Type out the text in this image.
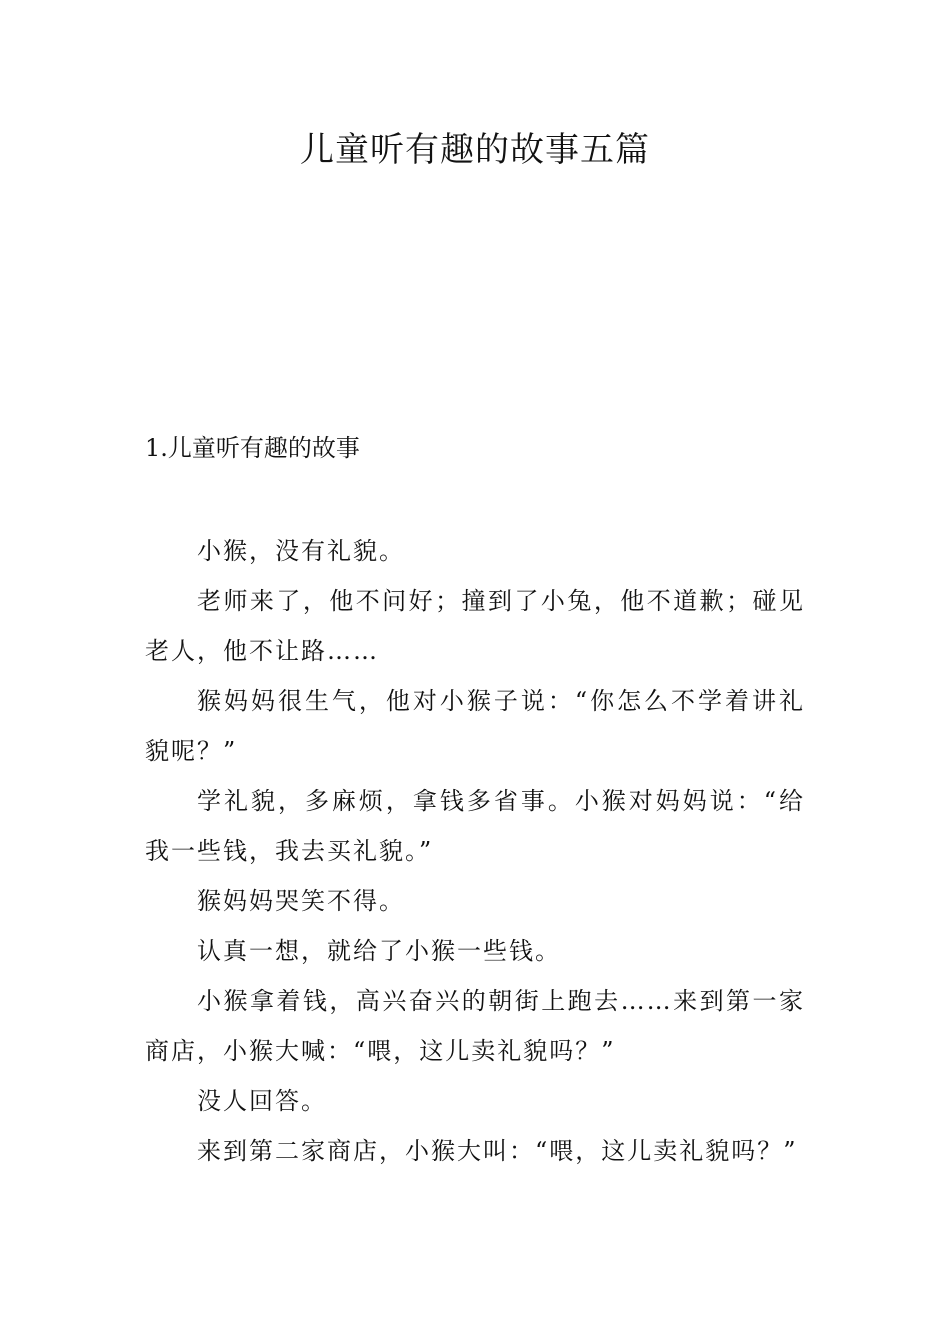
儿童听有趣的故事五篇
1.儿童听有趣的故事

小猴，没有礼貌。

老师来了，他不问好；撞到了小兔，他不道歉；碰见老人，他不让路……

猴妈妈很生气，他对小猴子说：“你怎么不学着讲礼貌呢？”

学礼貌，多麻烦，拿钱多省事。小猴对妈妈说：“给我一些钱，我去买礼貌。”

猴妈妈哭笑不得。

认真一想，就给了小猴一些钱。

小猴拿着钱，高兴奋兴的朝街上跑去……来到第一家商店，小猴大喊：“喂，这儿卖礼貌吗？”

没人回答。

来到第二家商店，小猴大叫：“喂，这儿卖礼貌吗？”
